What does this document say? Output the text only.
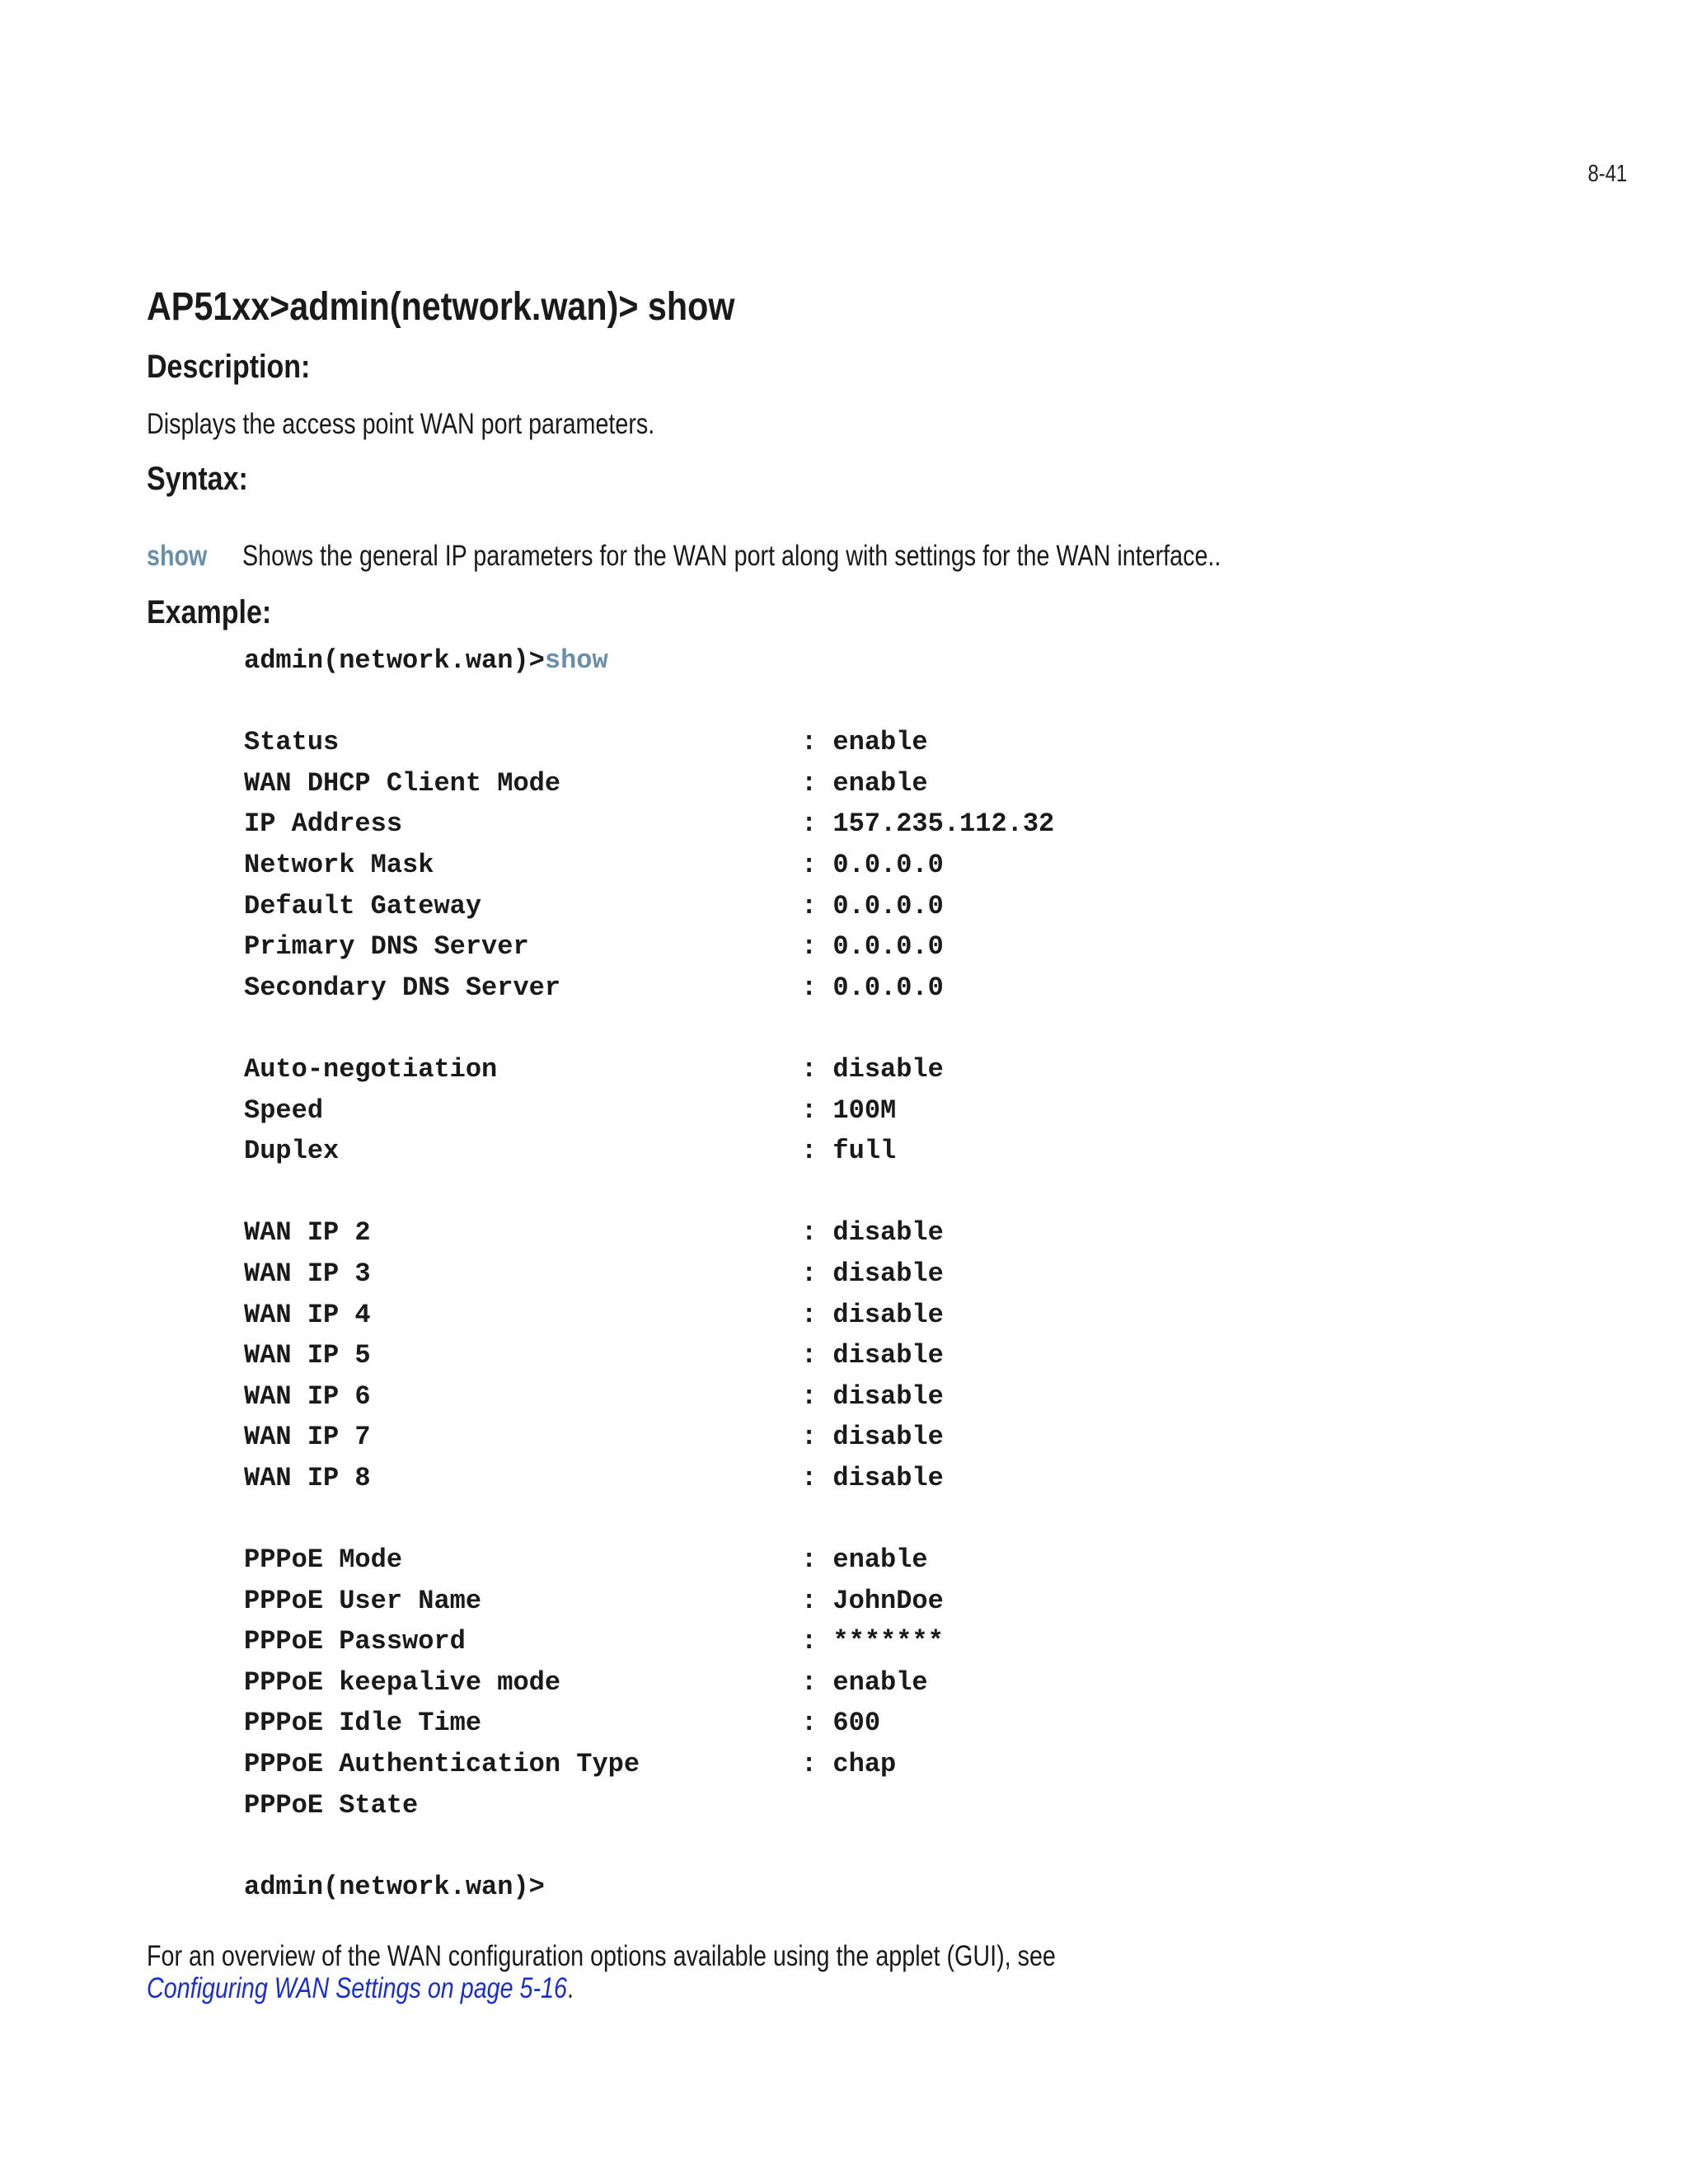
8-41
AP51xx>admin(network.wan)> show
Description:

Displays the access point WAN port parameters.

Syntax:
show Shows the general IP parameters for the WAN port along with settings for the WAN interface..
Example:
admin(network.wan)>show
Status	: enable
WAN DHCP Client Mode	: enable
IP Address	: 157.235.112.32
Network Mask	: 0.0.0.0
Default Gateway	: 0.0.0.0
Primary DNS Server	: 0.0.0.0
Secondary DNS Server	: 0.0.0.0
Auto-negotiation	: disable
Speed	: 100M
Duplex	: full
WAN IP 2	: disable
WAN IP 3	: disable
WAN IP 4	: disable
WAN IP 5	: disable
WAN IP 6	: disable
WAN IP 7	: disable
WAN IP 8	: disable
PPPoE Mode	: enable
PPPoE User Name	: JohnDoe
PPPoE Password	: *******
PPPoE keepalive mode	: enable
PPPoE Idle Time	: 600
PPPoE Authentication Type	: chap
PPPoE State
admin(network.wan)>

For an overview of the WAN configuration options available using the applet (GUI), see
Configuring WAN Settings on page 5-16.
